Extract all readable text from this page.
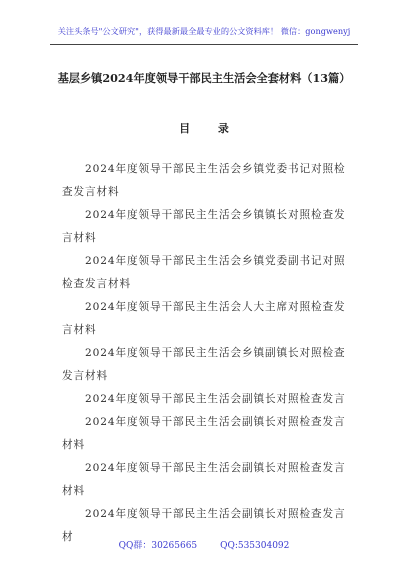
关注头条号"公文研究"，获得最新最全最专业的公文资料库！ 微信：gongwenyj
基层乡镇2024年度领导干部民主生活会全套材料（13篇）
目 录
2024年度领导干部民主生活会乡镇党委书记对照检查发言材料
2024年度领导干部民主生活会乡镇镇长对照检查发言材料
2024年度领导干部民主生活会乡镇党委副书记对照检查发言材料
2024年度领导干部民主生活会人大主席对照检查发言材料
2024年度领导干部民主生活会乡镇副镇长对照检查发言材料
2024年度领导干部民主生活会副镇长对照检查发言
2024年度领导干部民主生活会副镇长对照检查发言材料
2024年度领导干部民主生活会副镇长对照检查发言材料
2024年度领导干部民主生活会副镇长对照检查发言材
QQ群：30265665	QQ:535304092
